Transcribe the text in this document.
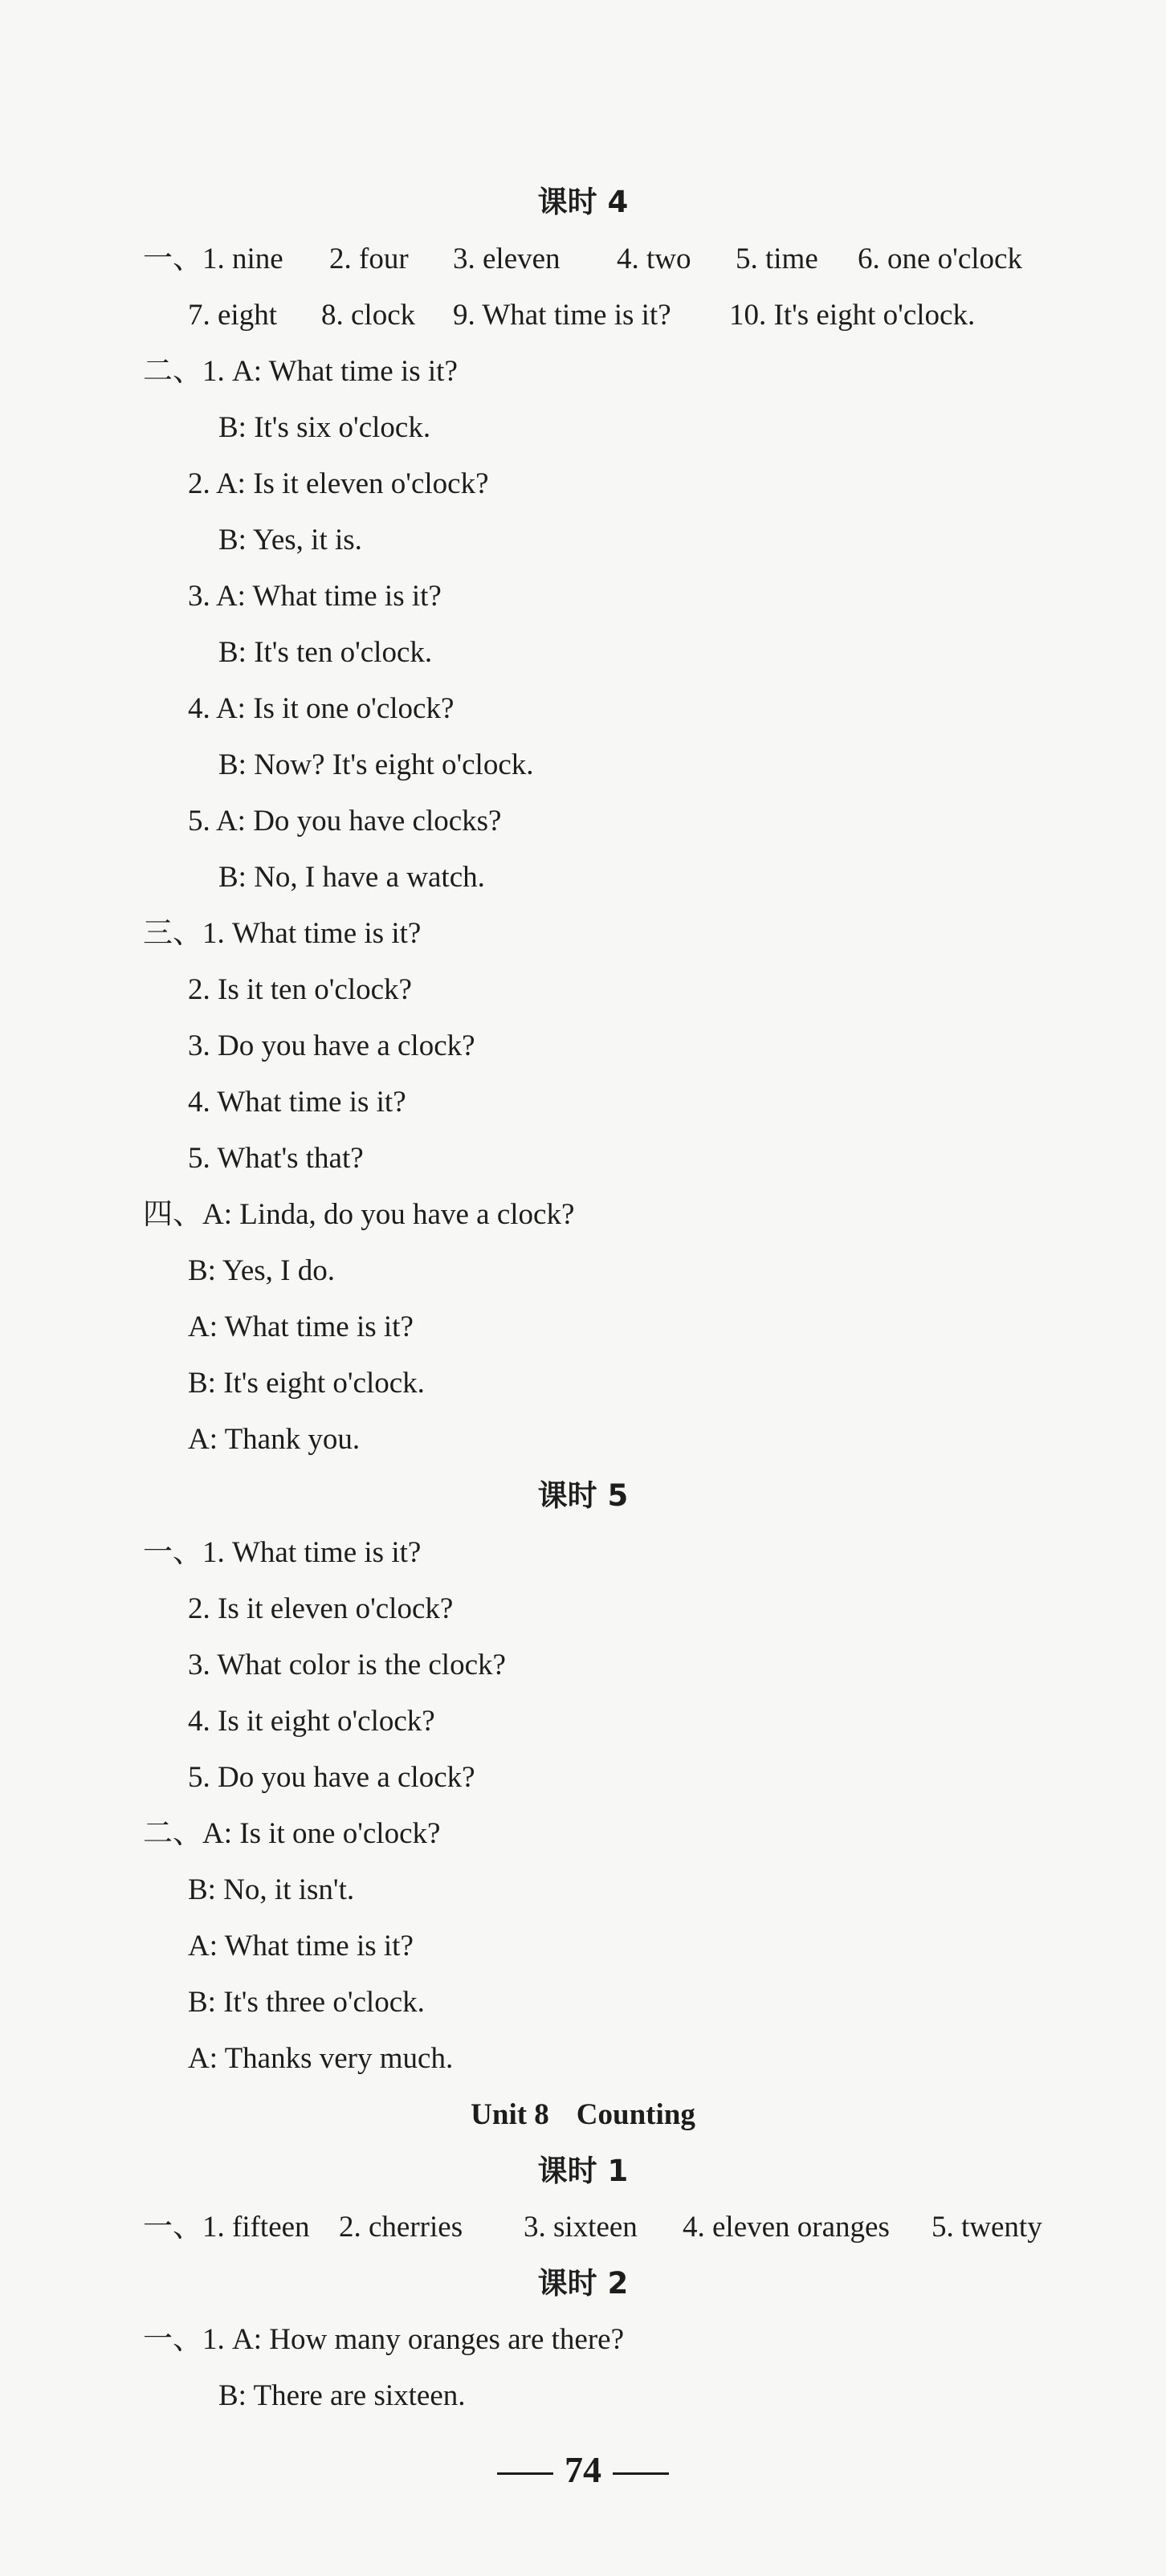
课时 4
一、1. nine 2. four 3. eleven 4. two 5. time 6. one o'clock
7. eight 8. clock 9. What time is it? 10. It's eight o'clock.
二、1. A: What time is it?
B: It's six o'clock.
2. A: Is it eleven o'clock?
B: Yes, it is.
3. A: What time is it?
B: It's ten o'clock.
4. A: Is it one o'clock?
B: Now? It's eight o'clock.
5. A: Do you have clocks?
B: No, I have a watch.
三、1. What time is it?
2. Is it ten o'clock?
3. Do you have a clock?
4. What time is it?
5. What's that?
四、A: Linda, do you have a clock?
B: Yes, I do.
A: What time is it?
B: It's eight o'clock.
A: Thank you.
课时 5
一、1. What time is it?
2. Is it eleven o'clock?
3. What color is the clock?
4. Is it eight o'clock?
5. Do you have a clock?
二、A: Is it one o'clock?
B: No, it isn't.
A: What time is it?
B: It's three o'clock.
A: Thanks very much.
Unit 8 Counting
课时 1
一、1. fifteen 2. cherries 3. sixteen 4. eleven oranges 5. twenty
课时 2
一、1. A: How many oranges are there?
B: There are sixteen.
74
